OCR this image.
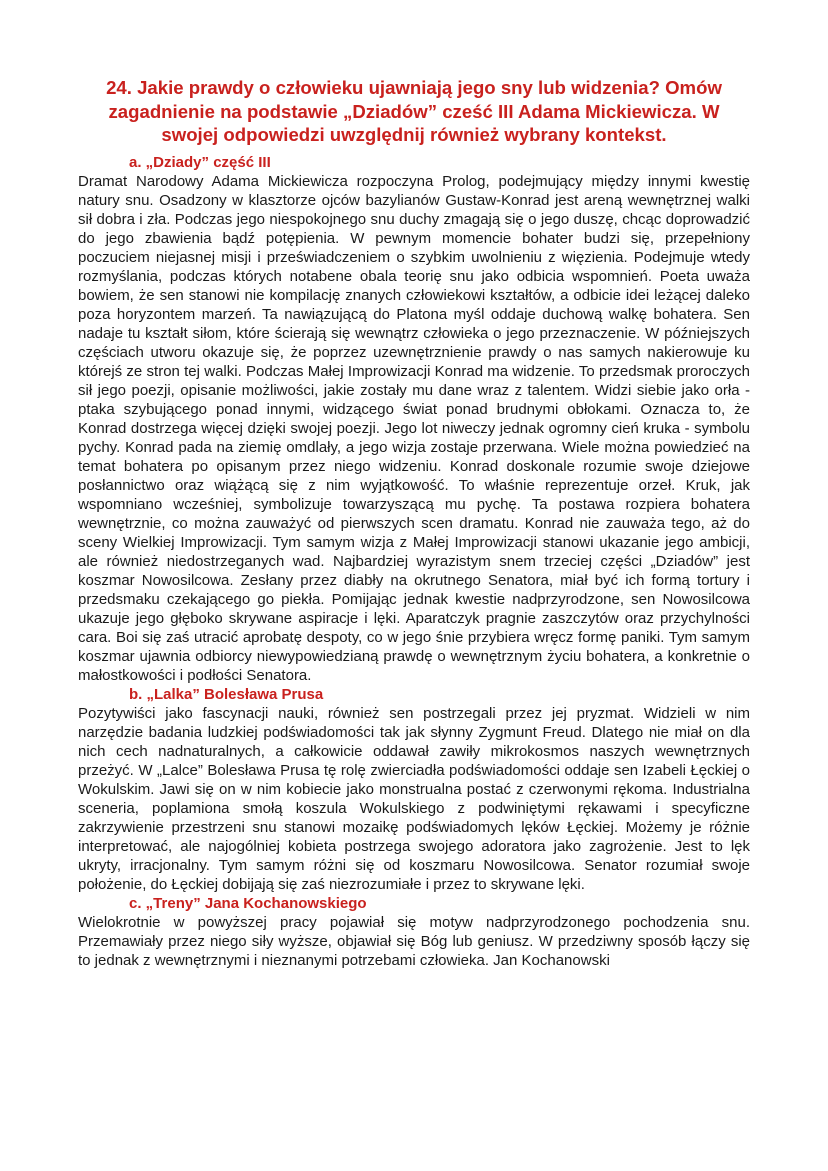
24. Jakie prawdy o człowieku ujawniają jego sny lub widzenia? Omów zagadnienie na podstawie „Dziadów” cześć III Adama Mickiewicza. W swojej odpowiedzi uwzględnij również wybrany kontekst.
a. „Dziady” część III

Dramat Narodowy Adama Mickiewicza rozpoczyna Prolog, podejmujący między innymi kwestię natury snu. Osadzony w klasztorze ojców bazylianów Gustaw-Konrad jest areną wewnętrznej walki sił dobra i zła. Podczas jego niespokojnego snu duchy zmagają się o jego duszę, chcąc doprowadzić do jego zbawienia bądź potępienia. W pewnym momencie bohater budzi się, przepełniony poczuciem niejasnej misji i przeświadczeniem o szybkim uwolnieniu z więzienia. Podejmuje wtedy rozmyślania, podczas których notabene obala teorię snu jako odbicia wspomnień. Poeta uważa bowiem, że sen stanowi nie kompilację znanych człowiekowi kształtów, a odbicie idei leżącej daleko poza horyzontem marzeń. Ta nawiązującą do Platona myśl oddaje duchową walkę bohatera. Sen nadaje tu kształt siłom, które ścierają się wewnątrz człowieka o jego przeznaczenie. W późniejszych częściach utworu okazuje się, że poprzez uzewnętrznienie prawdy o nas samych nakierowuje ku którejś ze stron tej walki. Podczas Małej Improwizacji Konrad ma widzenie. To przedsmak proroczych sił jego poezji, opisanie możliwości, jakie zostały mu dane wraz z talentem. Widzi siebie jako orła - ptaka szybującego ponad innymi, widzącego świat ponad brudnymi obłokami. Oznacza to, że Konrad dostrzega więcej dzięki swojej poezji. Jego lot niweczy jednak ogromny cień kruka - symbolu pychy. Konrad pada na ziemię omdlały, a jego wizja zostaje przerwana. Wiele można powiedzieć na temat bohatera po opisanym przez niego widzeniu. Konrad doskonale rozumie swoje dziejowe posłannictwo oraz wiążącą się z nim wyjątkowość. To właśnie reprezentuje orzeł. Kruk, jak wspomniano wcześniej, symbolizuje towarzyszącą mu pychę. Ta postawa rozpiera bohatera wewnętrznie, co można zauważyć od pierwszych scen dramatu. Konrad nie zauważa tego, aż do sceny Wielkiej Improwizacji. Tym samym wizja z Małej Improwizacji stanowi ukazanie jego ambicji, ale również niedostrzeganych wad. Najbardziej wyrazistym snem trzeciej części „Dziadów” jest koszmar Nowosilcowa. Zesłany przez diabły na okrutnego Senatora, miał być ich formą tortury i przedsmaku czekającego go piekła. Pomijając jednak kwestie nadprzyrodzone, sen Nowosilcowa ukazuje jego głęboko skrywane aspiracje i lęki. Aparatczyk pragnie zaszczytów oraz przychylności cara. Boi się zaś utracić aprobatę despoty, co w jego śnie przybiera wręcz formę paniki. Tym samym koszmar ujawnia odbiorcy niewypowiedzianą prawdę o wewnętrznym życiu bohatera, a konkretnie o małostkowości i podłości Senatora.

b. „Lalka” Bolesława Prusa

Pozytywiści jako fascynacji nauki, również sen postrzegali przez jej pryzmat. Widzieli w nim narzędzie badania ludzkiej podświadomości tak jak słynny Zygmunt Freud. Dlatego nie miał on dla nich cech nadnaturalnych, a całkowicie oddawał zawiły mikrokosmos naszych wewnętrznych przeżyć. W „Lalce” Bolesława Prusa tę rolę zwierciadła podświadomości oddaje sen Izabeli Łęckiej o Wokulskim. Jawi się on w nim kobiecie jako monstrualna postać z czerwonymi rękoma. Industrialna sceneria, poplamiona smołą koszula Wokulskiego z podwiniętymi rękawami i specyficzne zakrzywienie przestrzeni snu stanowi mozaikę podświadomych lęków Łęckiej. Możemy je różnie interpretować, ale najogólniej kobieta postrzega swojego adoratora jako zagrożenie. Jest to lęk ukryty, irracjonalny. Tym samym różni się od koszmaru Nowosilcowa. Senator rozumiał swoje położenie, do Łęckiej dobijają się zaś niezrozumiałe i przez to skrywane lęki.

c. „Treny” Jana Kochanowskiego

Wielokrotnie w powyższej pracy pojawiał się motyw nadprzyrodzonego pochodzenia snu. Przemawiały przez niego siły wyższe, objawiał się Bóg lub geniusz. W przedziwny sposób łączy się to jednak z wewnętrznymi i nieznanymi potrzebami człowieka. Jan Kochanowski
